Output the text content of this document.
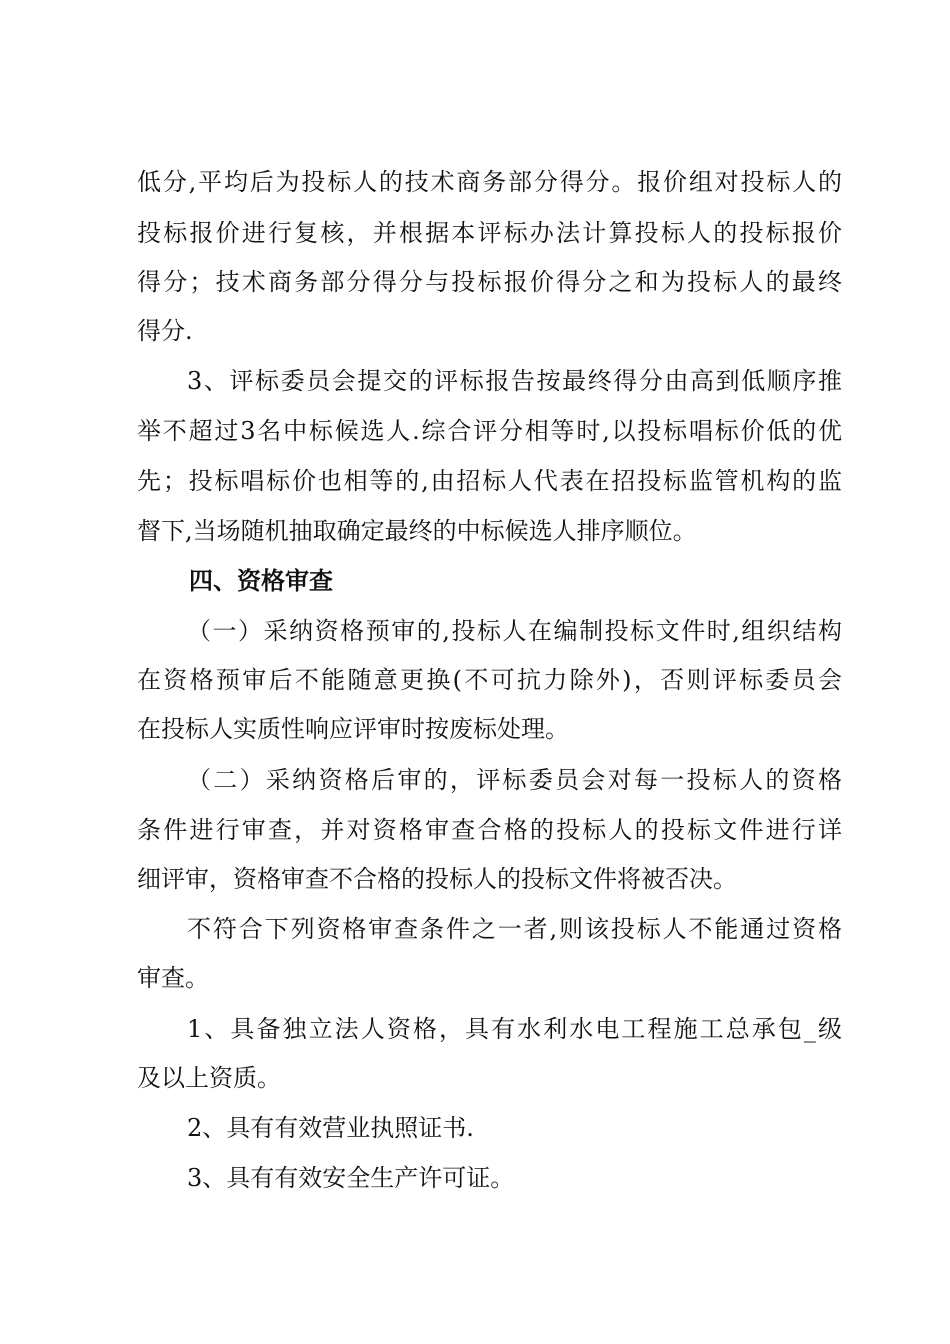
低分,平均后为投标人的技术商务部分得分。报价组对投标人的
投标报价进行复核，并根据本评标办法计算投标人的投标报价
得分；技术商务部分得分与投标报价得分之和为投标人的最终
得分.
3、评标委员会提交的评标报告按最终得分由高到低顺序推
举不超过3名中标候选人.综合评分相等时,以投标唱标价低的优
先；投标唱标价也相等的,由招标人代表在招投标监管机构的监
督下,当场随机抽取确定最终的中标候选人排序顺位。
四、资格审查
（一）采纳资格预审的,投标人在编制投标文件时,组织结构
在资格预审后不能随意更换(不可抗力除外)，否则评标委员会
在投标人实质性响应评审时按废标处理。
（二）采纳资格后审的，评标委员会对每一投标人的资格
条件进行审查，并对资格审查合格的投标人的投标文件进行详
细评审，资格审查不合格的投标人的投标文件将被否决。
不符合下列资格审查条件之一者,则该投标人不能通过资格
审查。
1、具备独立法人资格，具有水利水电工程施工总承包_级
及以上资质。
2、具有有效营业执照证书.
3、具有有效安全生产许可证。
